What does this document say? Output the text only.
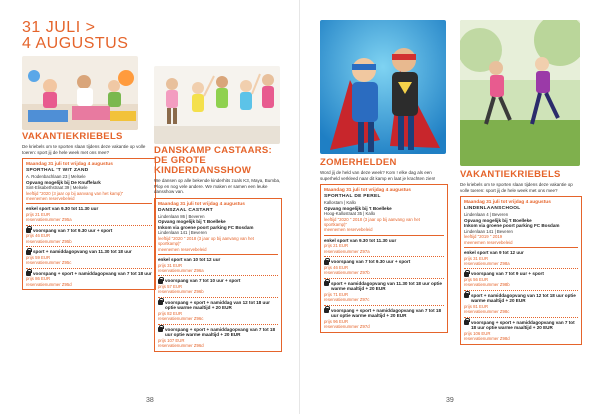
31 JULI >
4 AUGUSTUS
VAKANTIEKRIEBELS
De kriebels om te sporten slaan tijdens deze vakantie op volle toeren: sport jij de hele week met ons mee?
Maandag 31 juli tot vrijdag 4 augustus
SPORTHAL 'T WIT ZAND
A. Rodenbachlaan 23 | Melsele
Opvang mogelijk bij De Knuffelark
Sint-Elisabethstraat 39 | Melsele
leeftijd "2020 (3 jaar op bij aanvang van het kamp)"
meenemen reservebeleid
enkel sport van 9.30 tot 11.30 uur
prijs 21 EUR
reservatienummer Z95a
voorspang van 7 tot 9.30 uur + sport
prijs 46 EUR
reservatienummer Z95b
sport + namiddagopvang van 11.30 tot 18 uur
prijs 59 EUR
reservatienummer Z95c
voorspang + sport + namiddagopvang van 7 tot 18 uur
prijs 86 EUR
reservatienummer Z95d
DANSKAMP CASTAARS: DE GROTE KINDERDANSSHOW
We dansen op alle bekende kinderhits zoals K3, Maya, Bumba, Plop en nog vele andere. We maken er samen een leuke dansshow van.
Maandag 31 juli tot vrijdag 4 augustus
DANSZAAL CASTART
Lindenlaan 86 | Beveren
Opvang mogelijk bij 't Boelleke
Inkom via groene poort parking FC Bosdam
Lindenlaan 141 | Beveren
leeftijd "2020 " 2018 (3 jaar op bij aanvang van het sportkamp)"
meenemen reservebeleid
enkel sport van 10 tot 12 uur
prijs 31 EUR
reservatienummer Z96a
voorspang van 7 tot 10 uur + sport
prijs 57 EUR
reservatienummer Z96b
voorspang + sport + namiddag van 12 tot 18 uur optie warme maaltijd + 20 EUR
prijs 82 EUR
reservatienummer Z96c
voorspang + sport + namiddagopvang van 7 tot 18 uur optie warme maaltijd + 20 EUR
prijs 107 EUR
reservatienummer Z96d
38
ZOMERHELDEN
Word jij de held van deze week? Kom ! elke dag als een superheld verkleed naar dit kamp en laat je krachten zien!
Maandag 31 juli tot vrijdag 4 augustus
SPORTHAL DE PEREL
Kallostam | Kallo
Opvang mogelijk bij 't Boelleke
Hoog-Kallostraat 35 | Kallo
leeftijd "2020 " 2018 (3 jaar op bij aanvang van het sportkamp)"
meenemen reservebeleid
enkel sport van 9.30 tot 11.30 uur
prijs 21 EUR
reservatienummer Z97a
voorspang van 7 tot 9.30 uur + sport
prijs 46 EUR
reservatienummer Z97b
sport + namiddagopvang van 11.30 tot 18 uur optie warme maaltijd + 20 EUR
prijs 71 EUR
reservatienummer Z97c
voorspang + sport + namiddagopvang van 7 tot 18 uur optie warme maaltijd + 20 EUR
prijs 96 EUR
reservatienummer Z97d
VAKANTIEKRIEBELS
De kriebels om te sporten slaan tijdens deze vakantie op volle toeren: sport jij de hele week met ons mee?
Maandag 31 juli tot vrijdag 4 augustus
LINDENLAANSCHOOL
Lindenlaan 4 | Beveren
Opvang mogelijk bij 't Boelleke
Inkom via groene poort parking FC Bosdam
Lindenlaan 141 | Beveren
leeftijd "2019 " 2019
meenemen reservebeleid
enkel sport van 9 tot 12 uur
prijs 31 EUR
reservatienummer Z98a
voorspang van 7 tot 9 uur + sport
prijs 56 EUR
reservatienummer Z98b
sport + namiddagopvang van 12 tot 18 uur optie warme maaltijd + 20 EUR
prijs 81 EUR
reservatienummer Z98c
voorspang + sport + namiddagopvang van 7 tot 18 uur optie warme maaltijd + 20 EUR
prijs 106 EUR
reservatienummer Z98d
39
